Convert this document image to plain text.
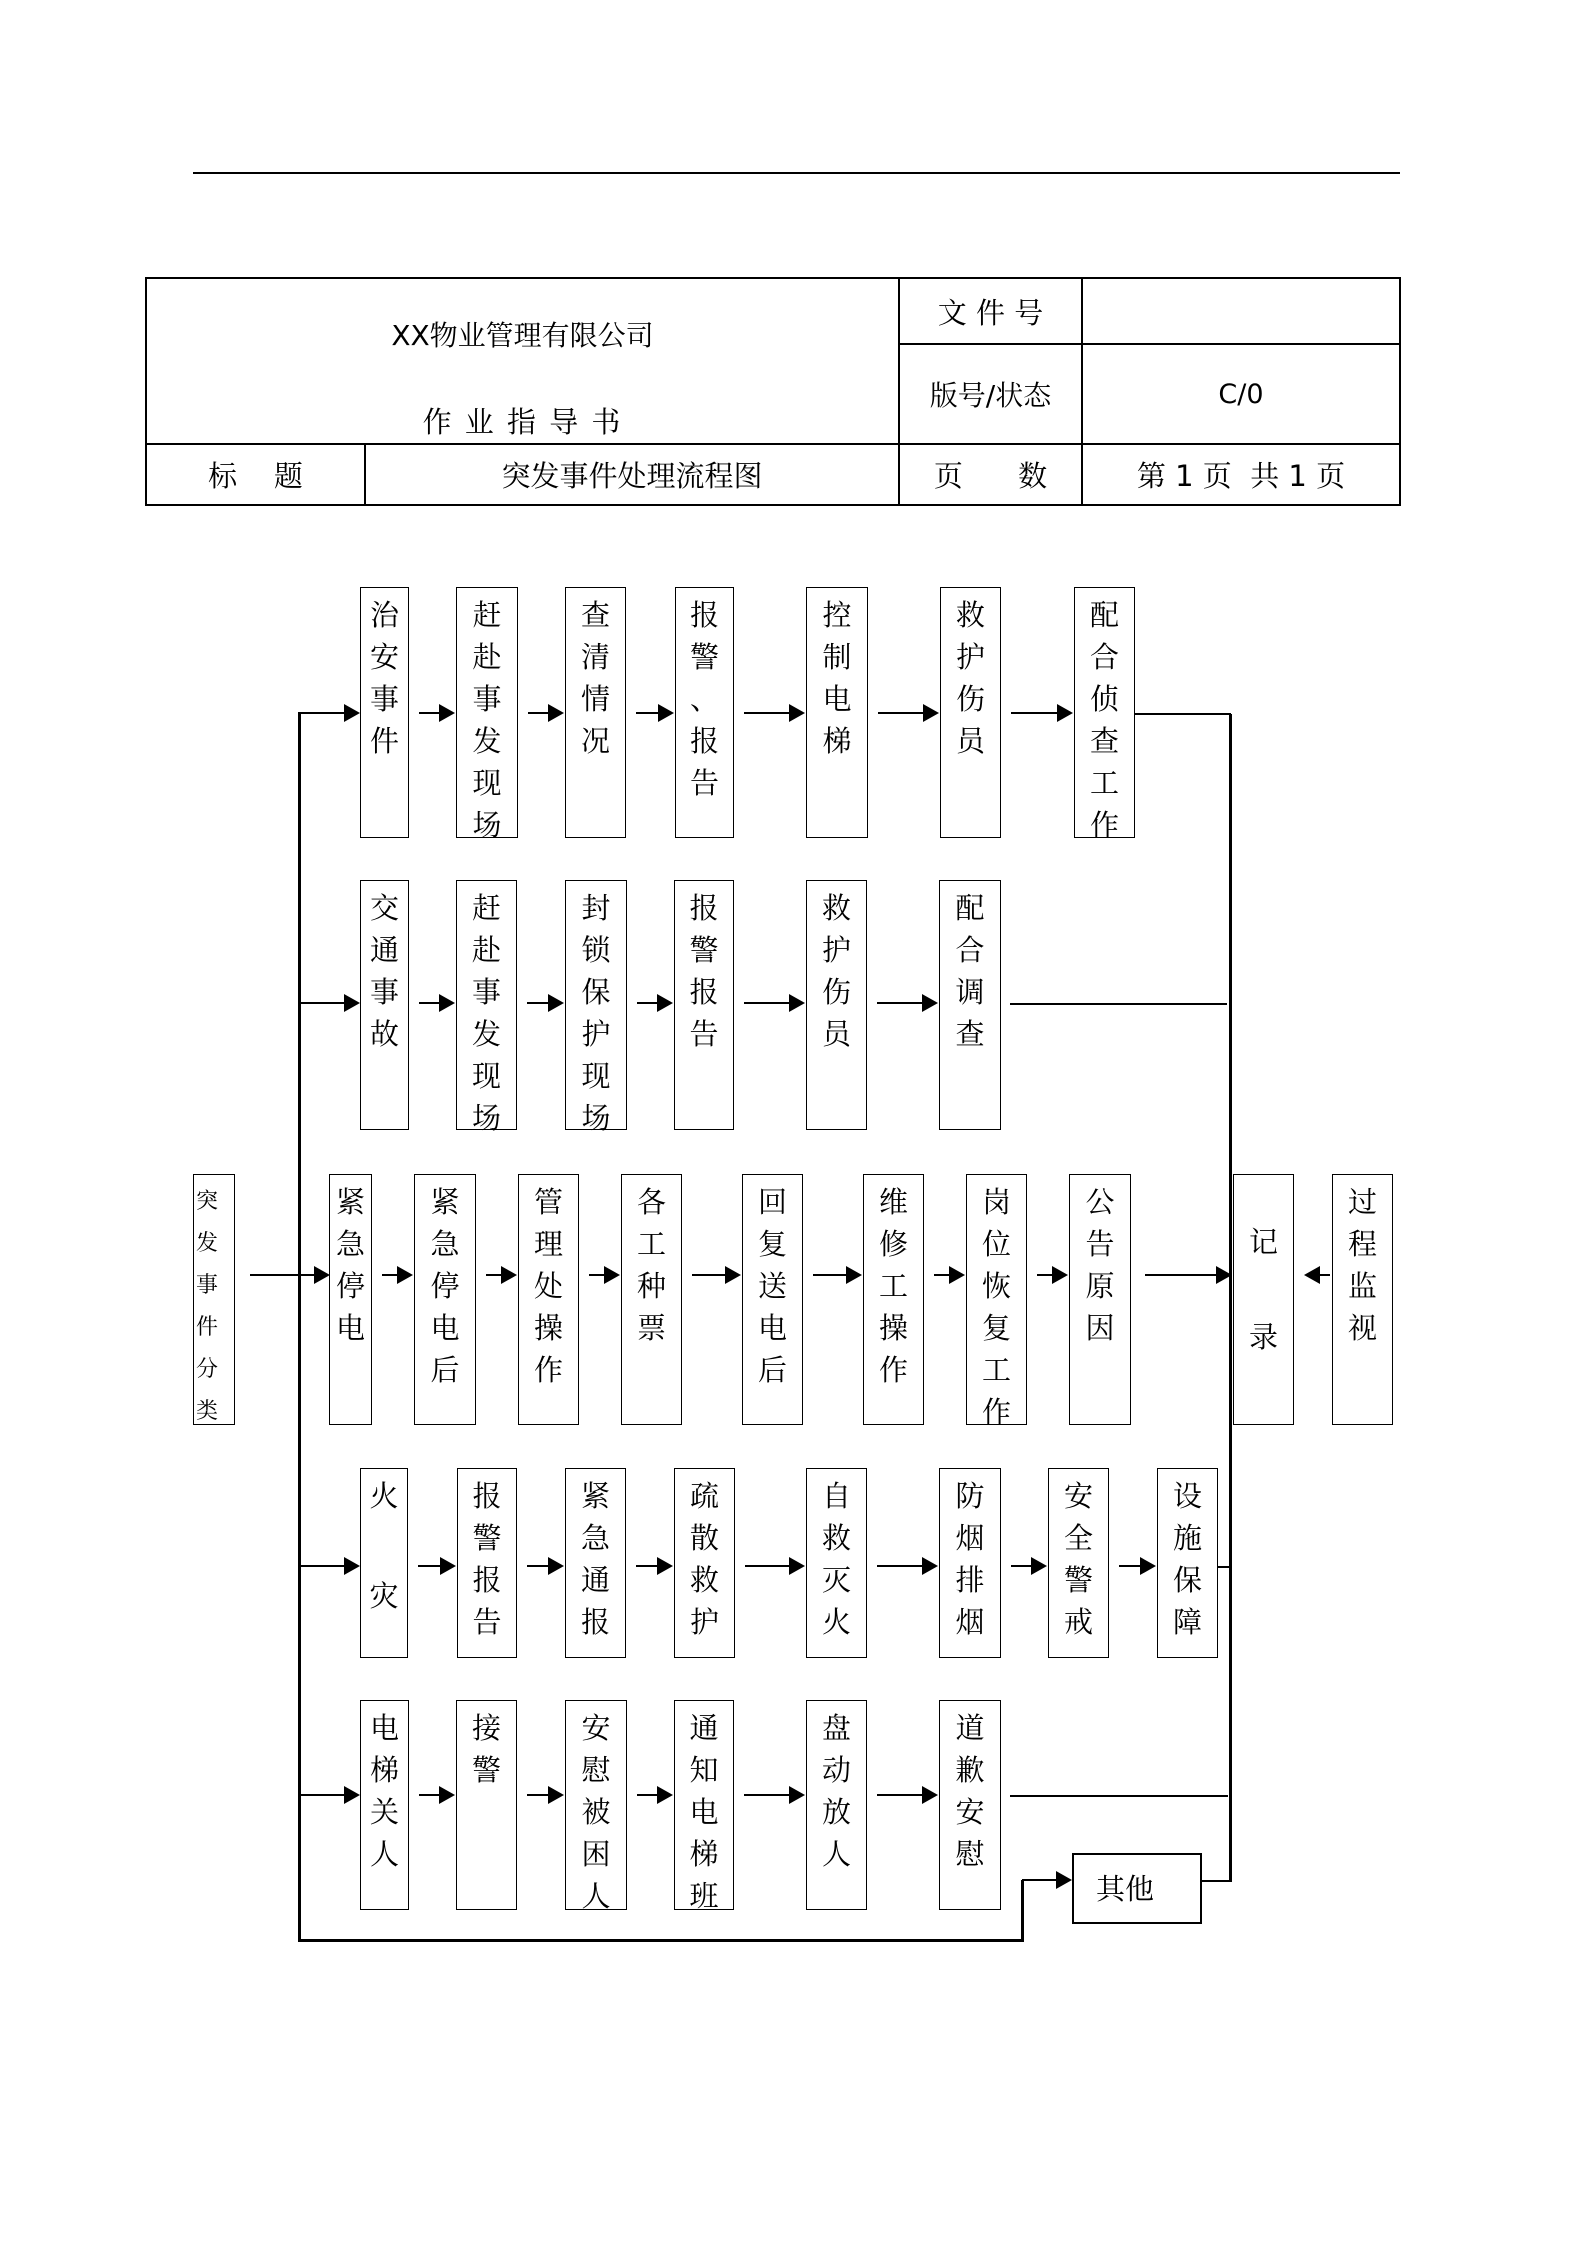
XX物业管理有限公司
作 业 指 导 书
文 件 号
版号/状态	C/0
标    题	突发事件处理流程图	页      数	第 1 页  共 1 页
突
发
事
件
分
类
治
安
事
件
赶
赴
事
发
现
场
查
清
情
况
报
警
、
报
告
控
制
电
梯
救
护
伤
员
配
合
侦
查
工
作
交
通
事
故
赶
赴
事
发
现
场
封
锁
保
护
现
场
报
警
报
告
救
护
伤
员
配
合
调
查
紧
急
停
电
紧
急
停
电
后
管
理
处
操
作
各
工
种
票
回
复
送
电
后
维
修
工
操
作
岗
位
恢
复
工
作
公
告
原
因
火
灾
报
警
报
告
紧
急
通
报
疏
散
救
护
自
救
灭
火
防
烟
排
烟
安
全
警
戒
设
施
保
障
电
梯
关
人
接
警
安
慰
被
困
人
通
知
电
梯
班
盘
动
放
人
道
歉
安
慰
记
录
过
程
监
视
其 他
